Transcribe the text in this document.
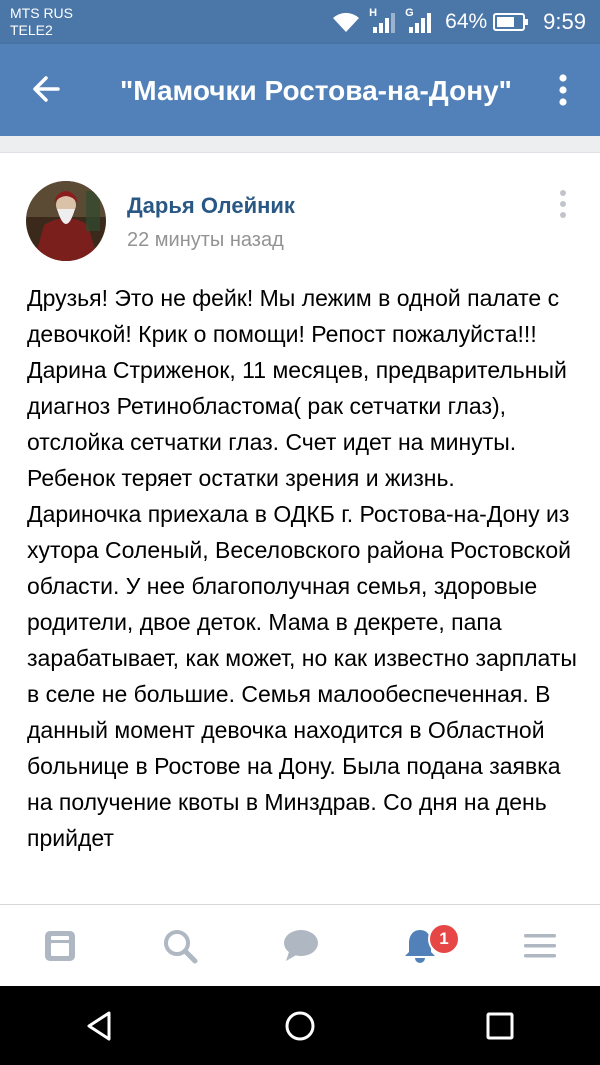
MTS RUS
TELE2
H	G 64%	9:59
"Мамочки Ростова-на-Дону"
Дарья Олейник
22 минуты назад

Друзья! Это не фейк! Мы лежим в одной палате с девочкой! Крик о помощи! Репост пожалуйста!!!Дарина Стриженок, 11 месяцев, предварительный диагноз Ретинобластома( рак сетчатки глаз), отслойка сетчатки глаз. Счет идет на минуты. Ребенок теряет остатки зрения и жизнь.

Дариночка приехала в ОДКБ г. Ростова-на-Дону из хутора Соленый, Веселовского района Ростовской области. У нее благополучная семья, здоровые родители, двое деток. Мама в декрете, папа зарабатывает, как может, но как известно зарплаты в селе не большие. Семья малообеспеченная. В данный момент девочка находится в Областной больнице в Ростове на Дону. Была подана заявка на получение квоты в Минздрав. Со дня на день прийдет

1
